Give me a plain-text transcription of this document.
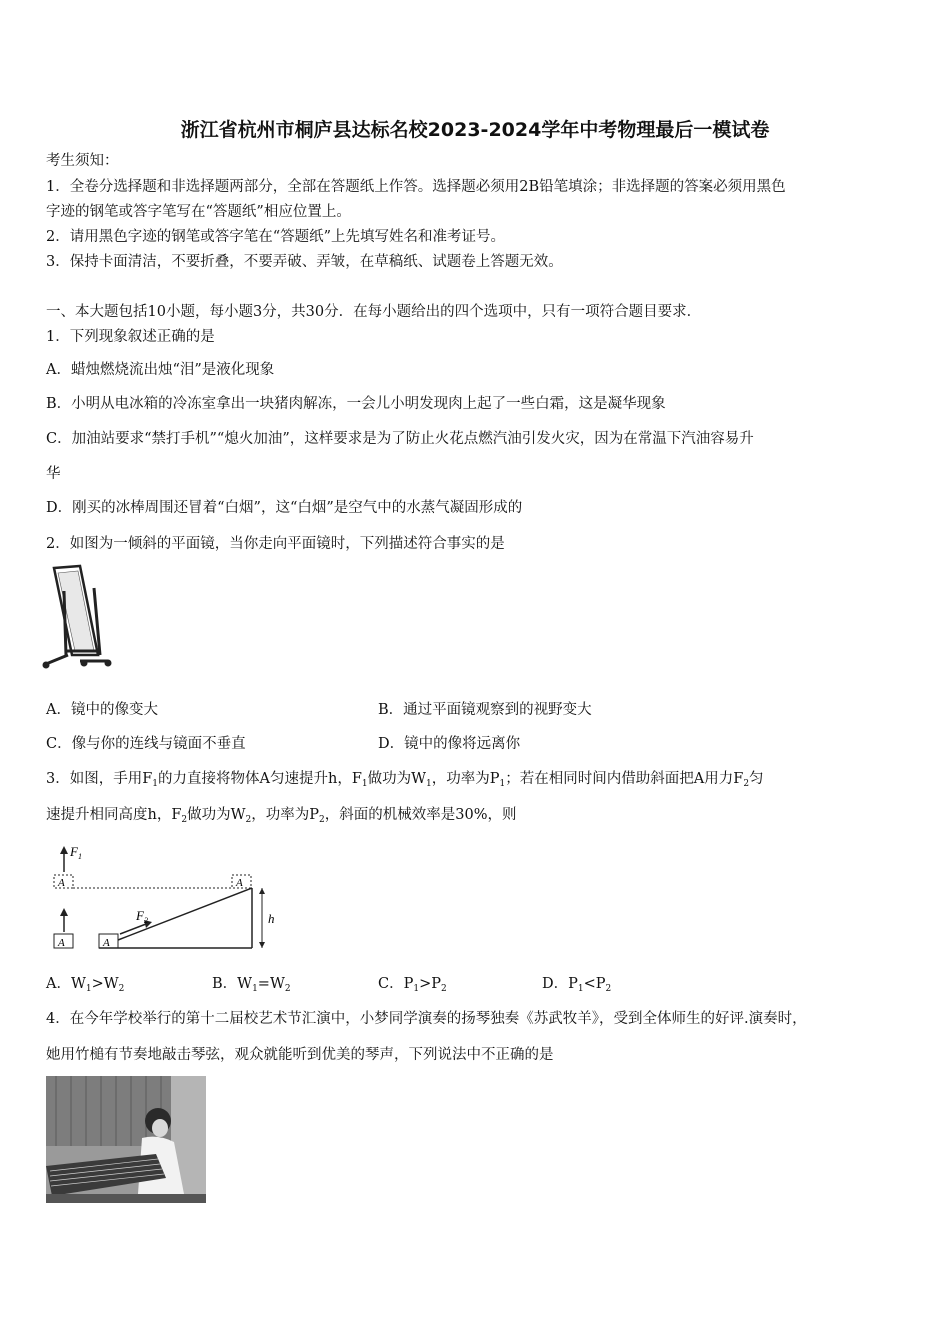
浙江省杭州市桐庐县达标名校2023-2024学年中考物理最后一模试卷
考生须知：
1．全卷分选择题和非选择题两部分，全部在答题纸上作答。选择题必须用2B铅笔填涂；非选择题的答案必须用黑色
字迹的钢笔或答字笔写在“答题纸”相应位置上。
2．请用黑色字迹的钢笔或答字笔在“答题纸”上先填写姓名和准考证号。
3．保持卡面清洁，不要折叠，不要弄破、弄皱，在草稿纸、试题卷上答题无效。
一、本大题包括10小题，每小题3分，共30分．在每小题给出的四个选项中，只有一项符合题目要求．
1．下列现象叙述正确的是
A．蜡烛燃烧流出烛“泪”是液化现象
B．小明从电冰箱的冷冻室拿出一块猪肉解冻，一会儿小明发现肉上起了一些白霜，这是凝华现象
C．加油站要求“禁打手机”“熄火加油”，这样要求是为了防止火花点燃汽油引发火灾，因为在常温下汽油容易升
华
D．刚买的冰棒周围还冒着“白烟”，这“白烟”是空气中的水蒸气凝固形成的
2．如图为一倾斜的平面镜，当你走向平面镜时，下列描述符合事实的是
A．镜中的像变大	B．通过平面镜观察到的视野变大
C．像与你的连线与镜面不垂直	D．镜中的像将远离你
3．如图，手用$F_1$的力直接将物体A匀速提升h，$F_1$做功为$W_1$，功率为$P_1$；若在相同时间内借助斜面把A用力$F_2$匀
速提升相同高度h，$F_2$做功为$W_2$，功率为$P_2$，斜面的机械效率是30%，则
$F_1$
A	A
A	A
$F_2$	h
A．$W_1>W_2$	B．$W_1=W_2$	C．$P_1>P_2$	D．$P_1<P_2$
4．在今年学校举行的第十二届校艺术节汇演中，小梦同学演奏的扬琴独奏《苏武牧羊》，受到全体师生的好评.演奏时，
她用竹槌有节奏地敲击琴弦，观众就能听到优美的琴声，下列说法中不正确的是
